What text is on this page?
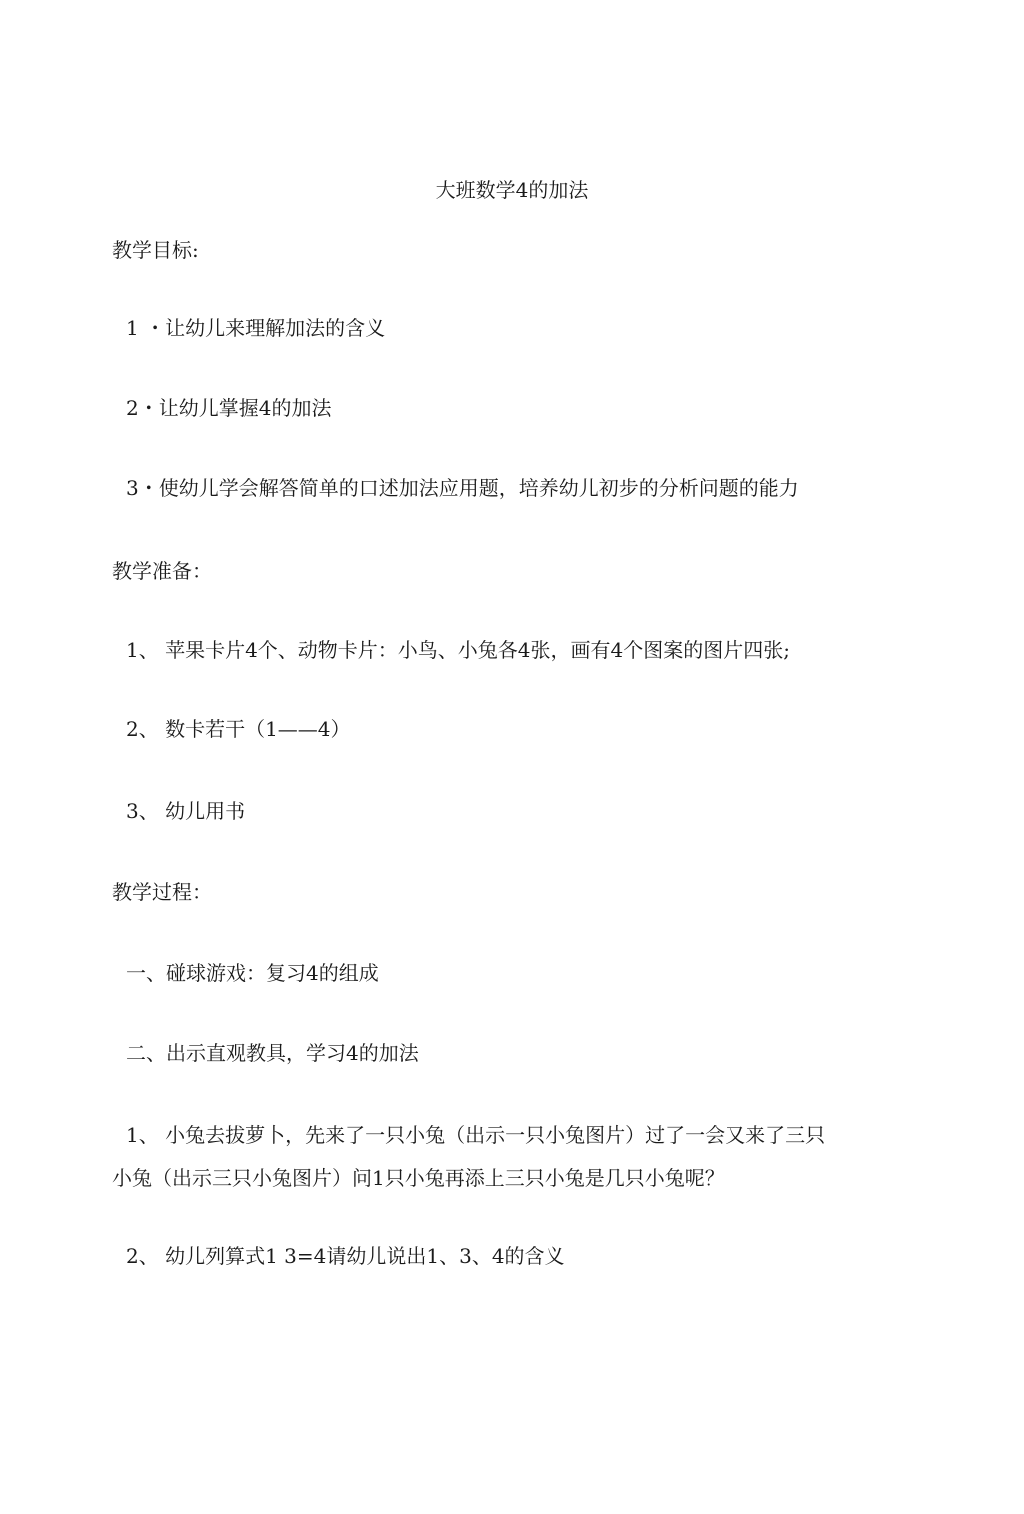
大班数学4的加法
教学目标:
1 ・让幼儿来理解加法的含义
2・让幼儿掌握4的加法
3・使幼儿学会解答简单的口述加法应用题，培养幼儿初步的分析问题的能力
教学准备：
1、 苹果卡片4个、动物卡片：小鸟、小兔各4张，画有4个图案的图片四张;
2、 数卡若干（1——4）
3、 幼儿用书
教学过程：
一、碰球游戏：复习4的组成
二、出示直观教具，学习4的加法
1、 小兔去拔萝卜，先来了一只小兔（出示一只小兔图片）过了一会又来了三只
小兔（出示三只小兔图片）问1只小兔再添上三只小兔是几只小兔呢？
2、 幼儿列算式1 3=4请幼儿说出1、3、4的含义
